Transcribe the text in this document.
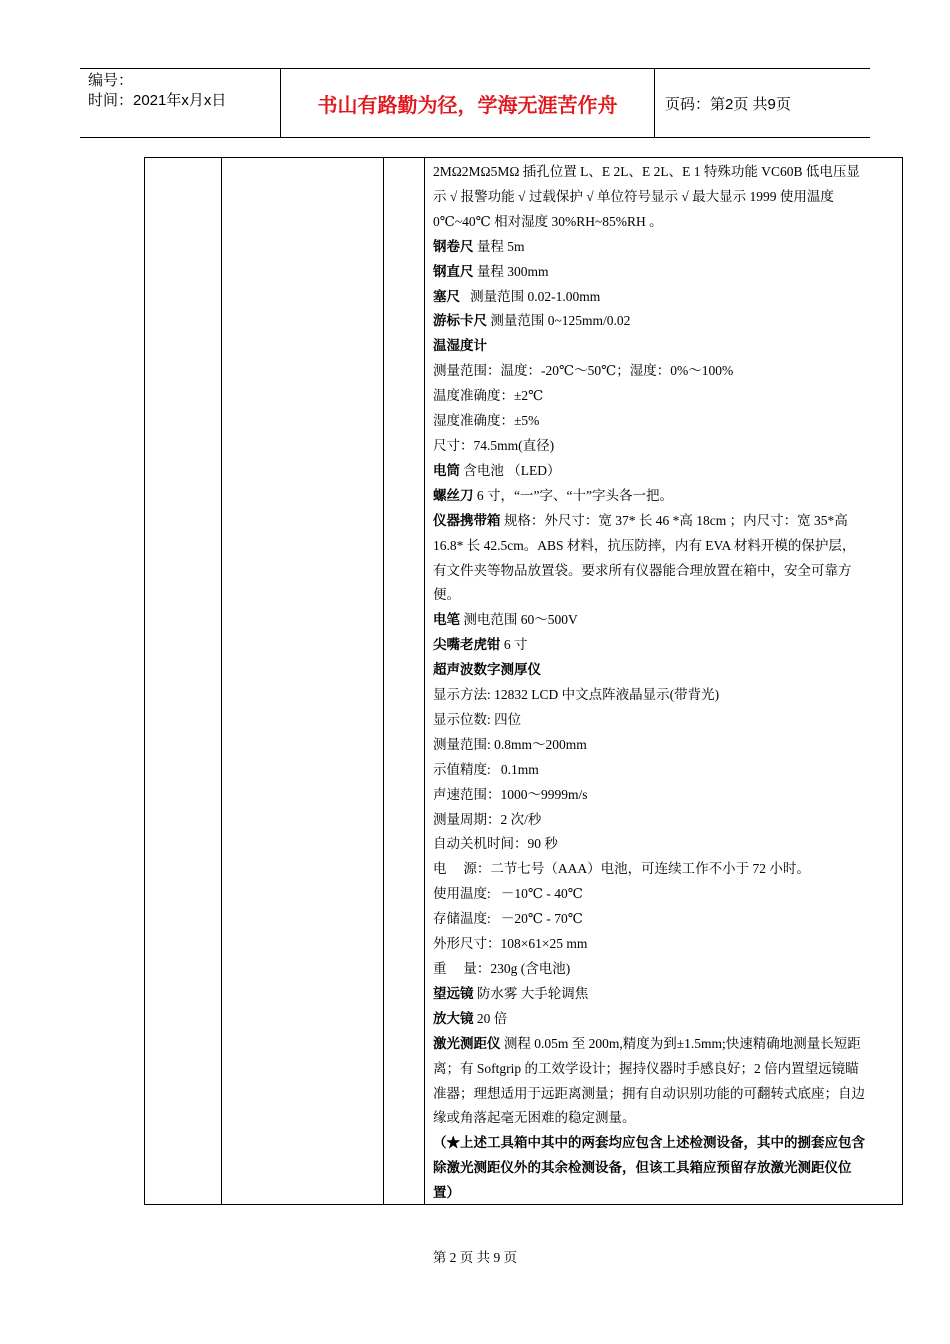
编号：
时间：2021年x月x日	书山有路勤为径，学海无涯苦作舟	页码：第2页 共9页

2MΩ2MΩ5MΩ 插孔位置 L、E 2L、E 2L、E 1 特殊功能 VC60B 低电压显

示 √ 报警功能 √ 过载保护 √ 单位符号显示 √ 最大显示 1999 使用温度

0℃~40℃ 相对湿度 30%RH~85%RH 。

钢卷尺 量程 5m

钢直尺 量程 300mm

塞尺   测量范围 0.02-1.00mm

游标卡尺 测量范围 0~125mm/0.02

温湿度计

测量范围：温度：-20℃～50℃；湿度：0%～100%

温度准确度：±2℃

湿度准确度：±5%

尺寸：74.5mm(直径)

电筒 含电池 （LED）

螺丝刀 6 寸，“一”字、“十”字头各一把。

仪器携带箱 规格：外尺寸：宽 37* 长 46 *高 18cm ；内尺寸：宽 35*高

16.8* 长 42.5cm。ABS 材料，抗压防摔，内有 EVA 材料开模的保护层，

有文件夹等物品放置袋。要求所有仪器能合理放置在箱中，安全可靠方

便。

电笔 测电范围 60～500V

尖嘴老虎钳 6 寸

超声波数字测厚仪

显示方法: 12832 LCD 中文点阵液晶显示(带背光)

显示位数: 四位

测量范围: 0.8mm～200mm

示值精度:   0.1mm

声速范围：1000～9999m/s

测量周期：2 次/秒

自动关机时间：90 秒

电     源：二节七号（AAA）电池，可连续工作不小于 72 小时。

使用温度:   －10℃ - 40℃

存储温度:   －20℃ - 70℃

外形尺寸：108×61×25 mm

重     量：230g (含电池)

望远镜 防水雾 大手轮调焦

放大镜 20 倍

激光测距仪 测程 0.05m 至 200m,精度为到±1.5mm;快速精确地测量长短距

离；有 Softgrip 的工效学设计；握持仪器时手感良好；2 倍内置望远镜瞄

准器；理想适用于远距离测量；拥有自动识别功能的可翻转式底座；自边

缘或角落起毫无困难的稳定测量。

（★上述工具箱中其中的两套均应包含上述检测设备，其中的捌套应包含

除激光测距仪外的其余检测设备，但该工具箱应预留存放激光测距仪位

置）

第 2 页 共 9 页
